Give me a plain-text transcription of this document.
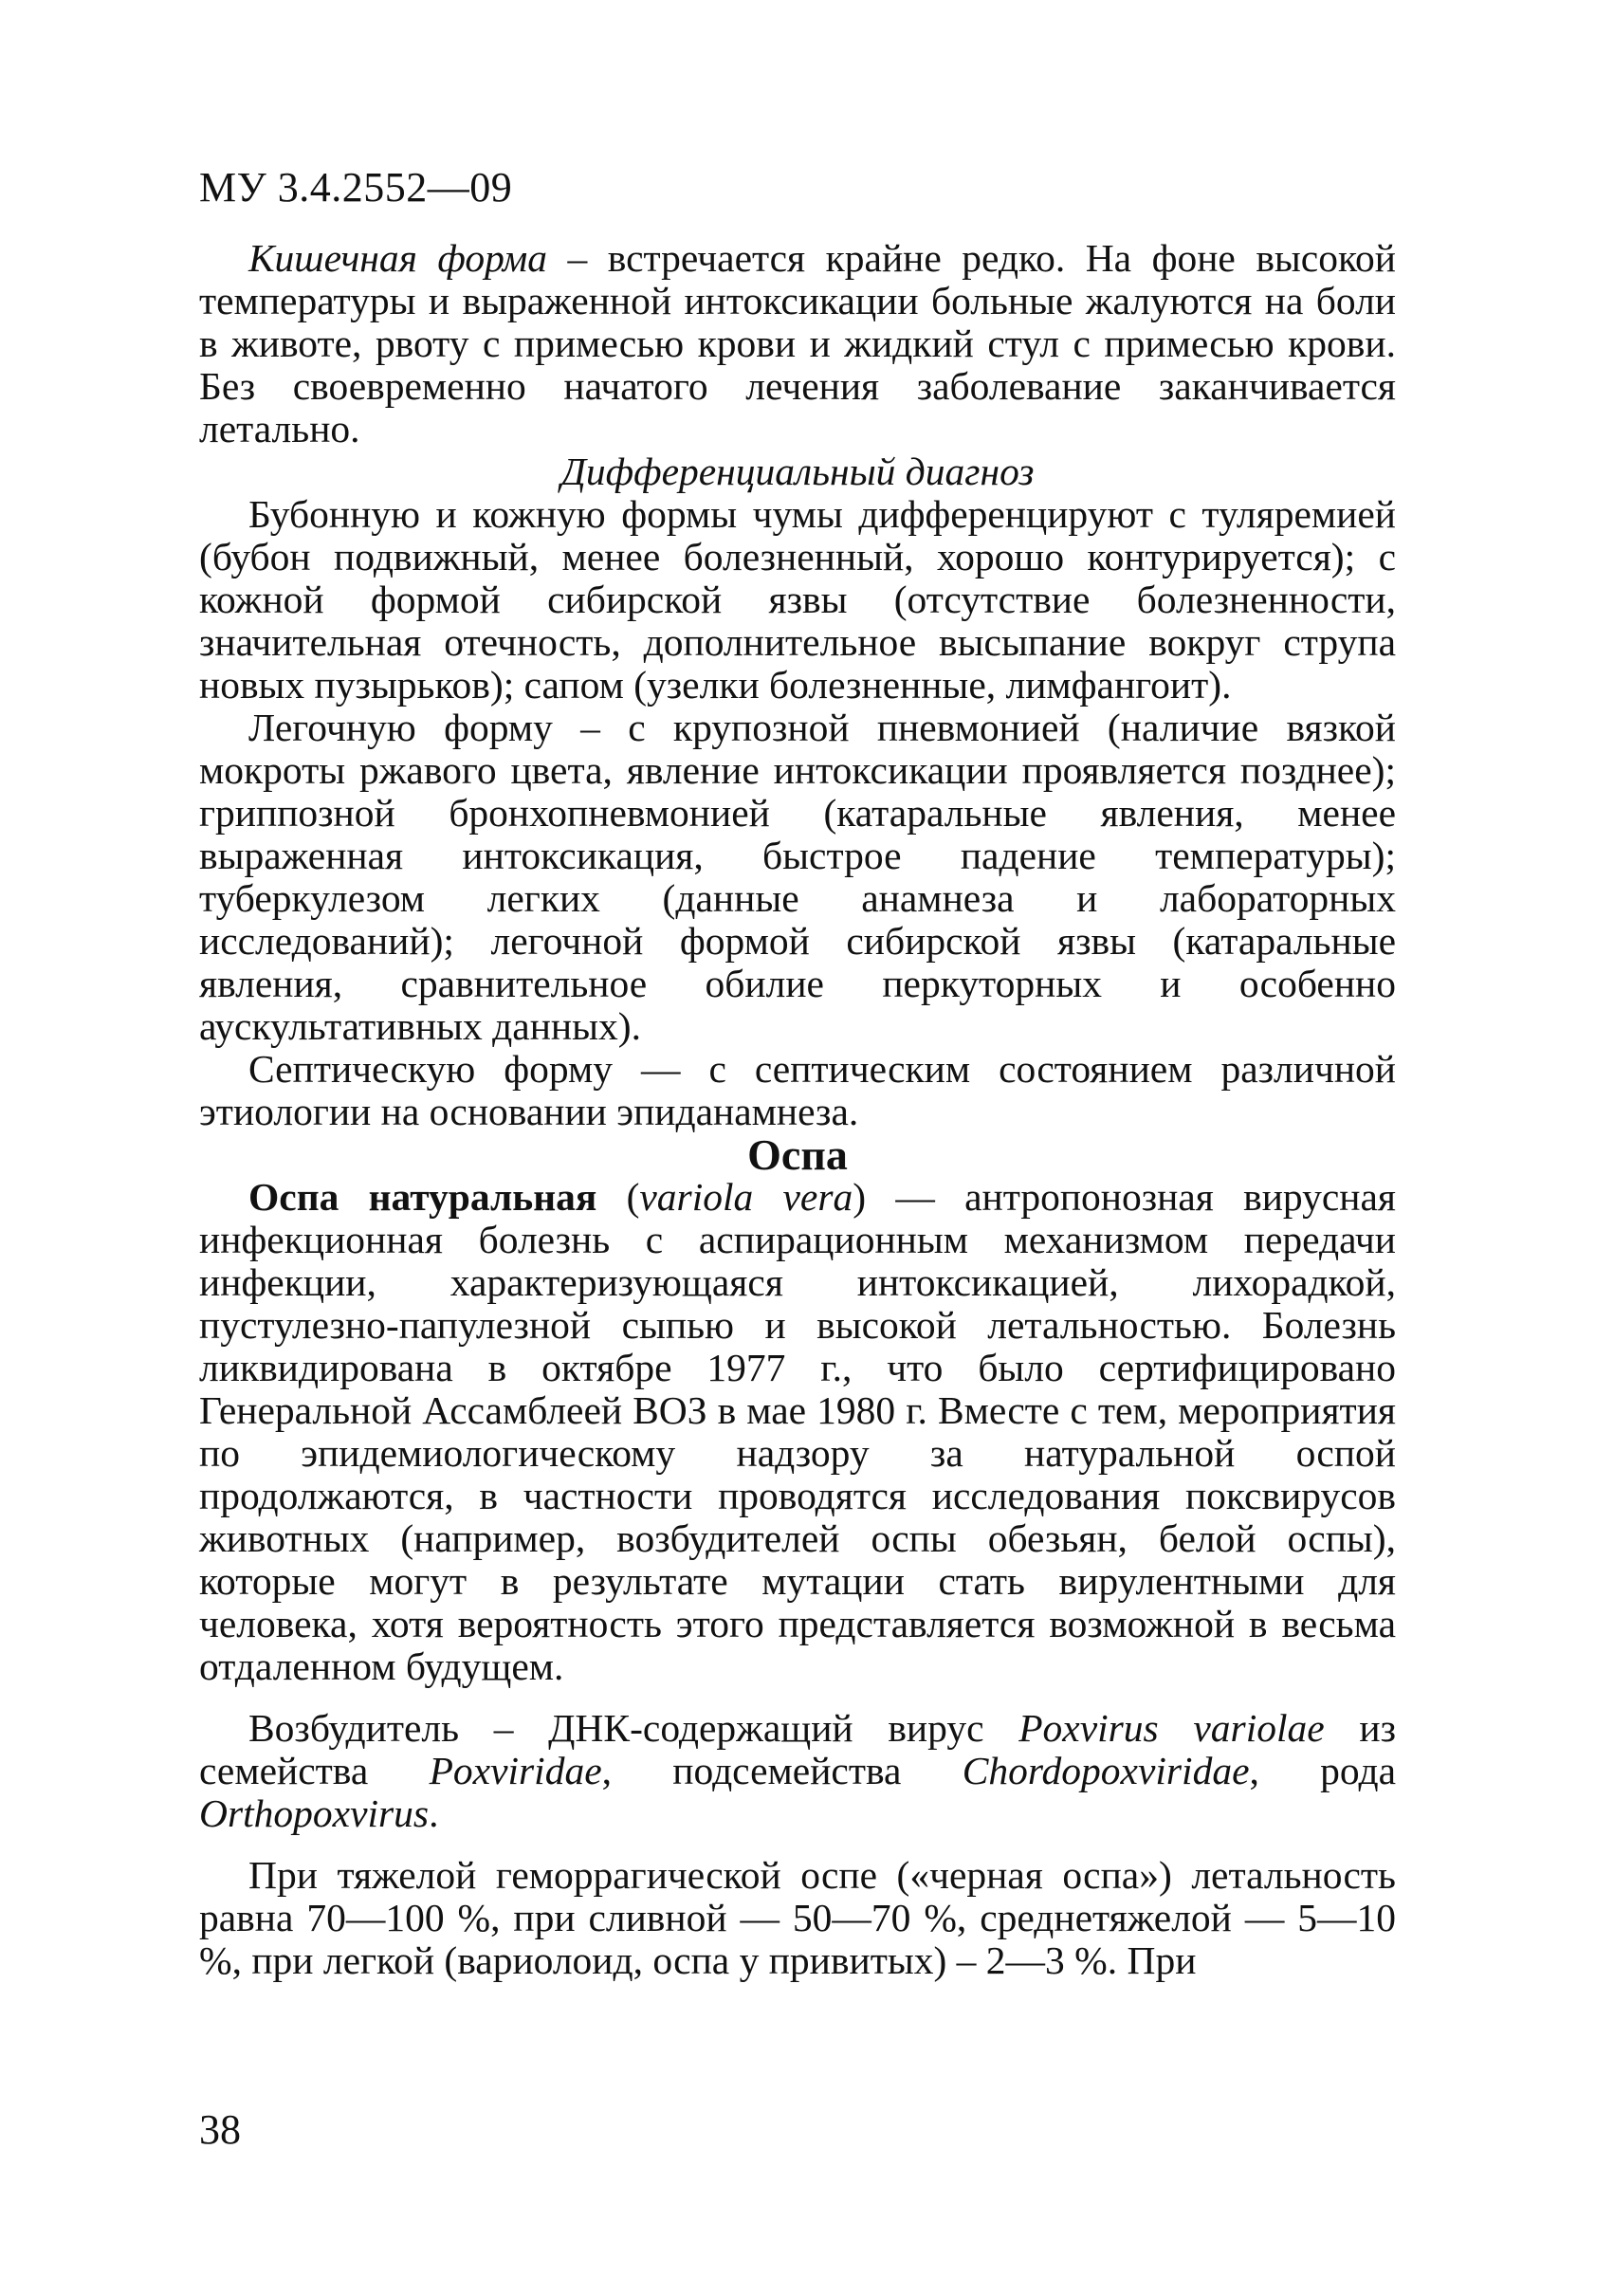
МУ 3.4.2552—09

Кишечная форма – встречается крайне редко. На фоне высокой температуры и выраженной интоксикации больные жалуются на боли в животе, рвоту с примесью крови и жидкий стул с примесью крови. Без своевременно начатого лечения заболевание заканчивается летально.

Дифференциальный диагноз

Бубонную и кожную формы чумы дифференцируют с туляремией (бубон подвижный, менее болезненный, хорошо контурируется); с кожной формой сибирской язвы (отсутствие болезненности, значительная отечность, дополнительное высыпание вокруг струпа новых пузырьков); сапом (узелки болезненные, лимфангоит).

Легочную форму – с крупозной пневмонией (наличие вязкой мокроты ржавого цвета, явление интоксикации проявляется позднее); гриппозной бронхопневмонией (катаральные явления, менее выраженная интоксикация, быстрое падение температуры); туберкулезом легких (данные анамнеза и лабораторных исследований); легочной формой сибирской язвы (катаральные явления, сравнительное обилие перкуторных и особенно аускультативных данных).

Септическую форму — с септическим состоянием различной этиологии на основании эпиданамнеза.

Оспа

Оспа натуральная (variola vera) — антропонозная вирусная инфекционная болезнь с аспирационным механизмом передачи инфекции, характеризующаяся интоксикацией, лихорадкой, пустулезно-папулезной сыпью и высокой летальностью. Болезнь ликвидирована в октябре 1977 г., что было сертифицировано Генеральной Ассамблеей ВОЗ в мае 1980 г. Вместе с тем, мероприятия по эпидемиологическому надзору за натуральной оспой продолжаются, в частности проводятся исследования поксвирусов животных (например, возбудителей оспы обезьян, белой оспы), которые могут в результате мутации стать вирулентными для человека, хотя вероятность этого представляется возможной в весьма отдаленном будущем.

Возбудитель – ДНК-содержащий вирус Poxvirus variolae из семейства Poxviridae, подсемейства Chordopoxviridae, рода Orthopoxvirus.

При тяжелой геморрагической оспе («черная оспа») летальность равна 70—100 %, при сливной — 50—70 %, среднетяжелой — 5—10 %, при легкой (вариолоид, оспа у привитых) – 2—3 %. При

38
